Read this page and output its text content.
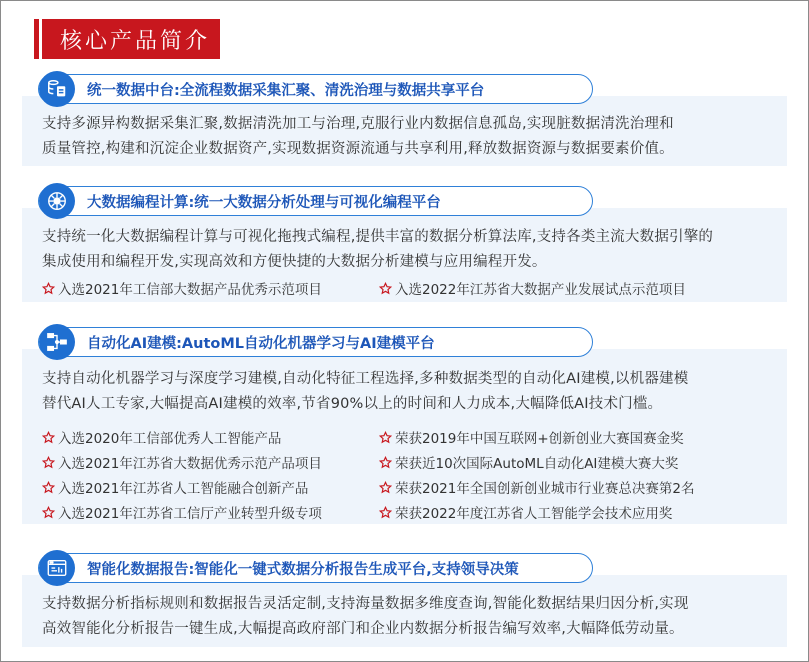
核心产品简介
统一数据中台:全流程数据采集汇聚、清洗治理与数据共享平台
支持多源异构数据采集汇聚,数据清洗加工与治理,克服行业内数据信息孤岛,实现脏数据清洗治理和
质量管控,构建和沉淀企业数据资产,实现数据资源流通与共享利用,释放数据资源与数据要素价值。
大数据编程计算:统一大数据分析处理与可视化编程平台
支持统一化大数据编程计算与可视化拖拽式编程,提供丰富的数据分析算法库,支持各类主流大数据引擎的
集成使用和编程开发,实现高效和方便快捷的大数据分析建模与应用编程开发。
入选2021年工信部大数据产品优秀示范项目	入选2022年江苏省大数据产业发展试点示范项目
自动化AI建模:AutoML自动化机器学习与AI建模平台
支持自动化机器学习与深度学习建模,自动化特征工程选择,多种数据类型的自动化AI建模,以机器建模
替代AI人工专家,大幅提高AI建模的效率,节省90%以上的时间和人力成本,大幅降低AI技术门槛。
入选2020年工信部优秀人工智能产品	荣获2019年中国互联网+创新创业大赛国赛金奖
入选2021年江苏省大数据优秀示范产品项目	荣获近10次国际AutoML自动化AI建模大赛大奖
入选2021年江苏省人工智能融合创新产品	荣获2021年全国创新创业城市行业赛总决赛第2名
入选2021年江苏省工信厅产业转型升级专项	荣获2022年度江苏省人工智能学会技术应用奖
智能化数据报告:智能化一键式数据分析报告生成平台,支持领导决策
支持数据分析指标规则和数据报告灵活定制,支持海量数据多维度查询,智能化数据结果归因分析,实现
高效智能化分析报告一键生成,大幅提高政府部门和企业内数据分析报告编写效率,大幅降低劳动量。
